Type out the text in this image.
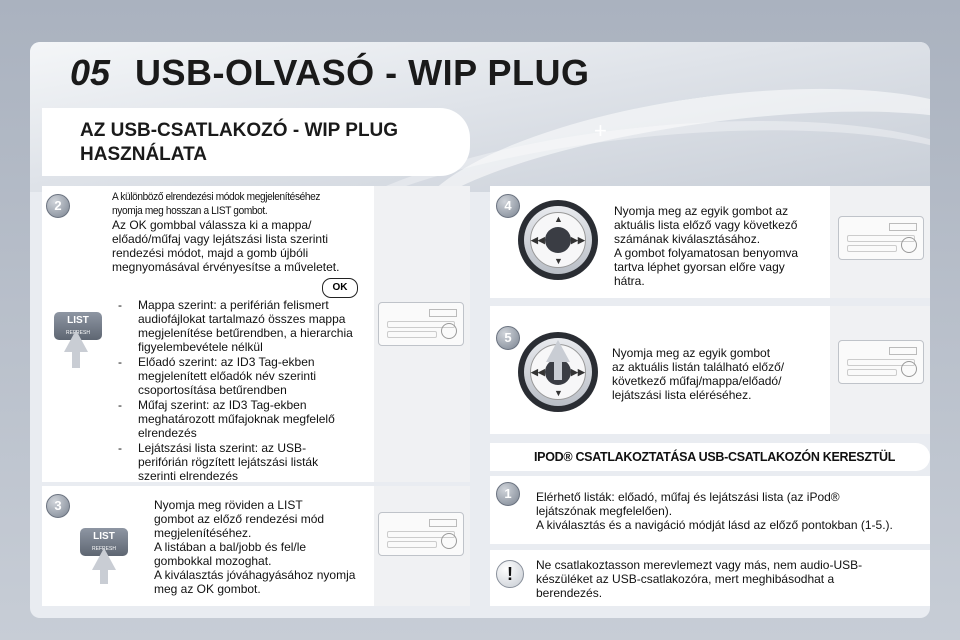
05 USB-OLVASÓ - WIP PLUG
+
AZ USB-CSATLAKOZÓ - WIP PLUG
HASZNÁLATA
2
A különböző elrendezési módok megjelenítéséhez
nyomja meg hosszan a LIST gombot.
Az OK gombbal válassza ki a mappa/
előadó/műfaj vagy lejátszási lista szerinti
rendezési módot, majd a gomb újbóli
megnyomásával érvényesítse a műveletet.
OK
- Mappa szerint: a periférián felismert
audiofájlokat tartalmazó összes mappa
megjelenítése betűrendben, a hierarchia
figyelembevétele nélkül
- Előadó szerint: az ID3 Tag-ekben
megjelenített előadók név szerinti
csoportosítása betűrendben
- Műfaj szerint: az ID3 Tag-ekben
meghatározott műfajoknak megfelelő
elrendezés
- Lejátszási lista szerint: az USB-
perifórián rögzített lejátszási listák
szerinti elrendezés
LIST
REFRESH
3	Nyomja meg röviden a LIST
gombot az előző rendezési mód
megjelenítéséhez.
A listában a bal/jobb és fel/le
gombokkal mozoghat.
A kiválasztás jóváhagyásához nyomja
meg az OK gombot.
LIST
REFRESH
4
▲
▼
◀◀	▶▶
Nyomja meg az egyik gombot az
aktuális lista előző vagy következő
számának kiválasztásához.
A gombot folyamatosan benyomva
tartva léphet gyorsan előre vagy
hátra.
5
▲
▼
◀◀	▶▶
Nyomja meg az egyik gombot
az aktuális listán található előző/
következő műfaj/mappa/előadó/
lejátszási lista eléréséhez.
IPOD® CSATLAKOZTATÁSA USB-CSATLAKOZÓN KERESZTÜL
1	Elérhető listák: előadó, műfaj és lejátszási lista (az iPod®
lejátszónak megfelelően).
A kiválasztás és a navigáció módját lásd az előző pontokban (1-5.).
!	Ne csatlakoztasson merevlemezt vagy más, nem audio-USB-
készüléket az USB-csatlakozóra, mert meghibásodhat a
berendezés.
